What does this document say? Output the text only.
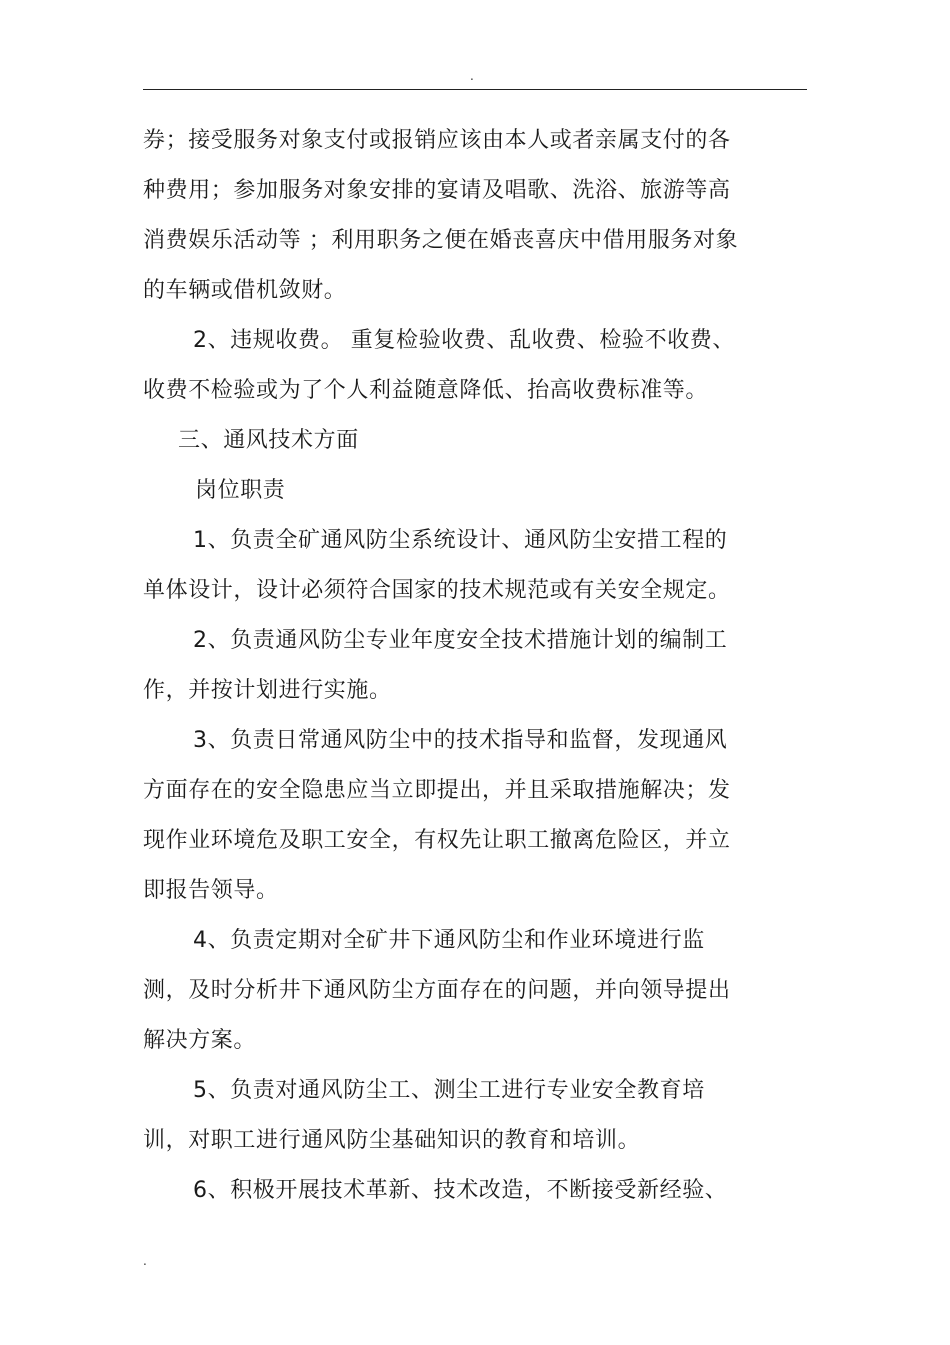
.

券；接受服务对象支付或报销应该由本人或者亲属支付的各种费用；参加服务对象安排的宴请及唱歌、洗浴、旅游等高消费娱乐活动等 ；利用职务之便在婚丧喜庆中借用服务对象的车辆或借机敛财。

2、违规收费。 重复检验收费、乱收费、检验不收费、收费不检验或为了个人利益随意降低、抬高收费标准等。

三、通风技术方面

岗位职责

1、负责全矿通风防尘系统设计、通风防尘安措工程的单体设计，设计必须符合国家的技术规范或有关安全规定。

2、负责通风防尘专业年度安全技术措施计划的编制工作，并按计划进行实施。

3、负责日常通风防尘中的技术指导和监督，发现通风方面存在的安全隐患应当立即提出，并且采取措施解决；发现作业环境危及职工安全，有权先让职工撤离危险区，并立即报告领导。

4、负责定期对全矿井下通风防尘和作业环境进行监测，及时分析井下通风防尘方面存在的问题，并向领导提出解决方案。

5、负责对通风防尘工、测尘工进行专业安全教育培训，对职工进行通风防尘基础知识的教育和培训。

6、积极开展技术革新、技术改造，不断接受新经验、

.
